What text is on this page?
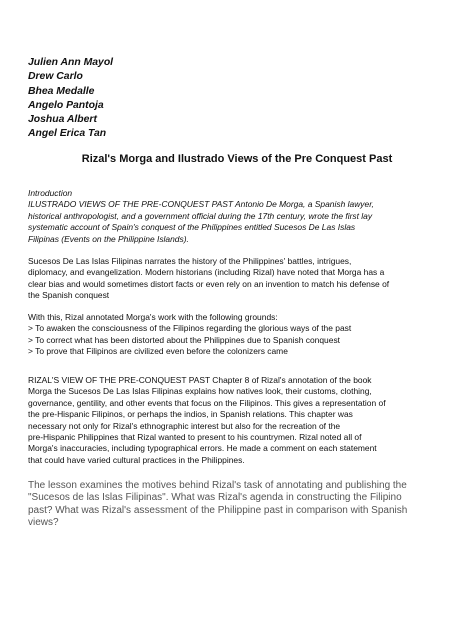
Julien Ann Mayol
Drew Carlo
Bhea Medalle
Angelo Pantoja
Joshua Albert
Angel Erica Tan
Rizal's Morga and Ilustrado Views of the Pre Conquest Past

Introduction

ILUSTRADO VIEWS OF THE PRE-CONQUEST PAST Antonio De Morga, a Spanish lawyer,

historical anthropologist, and a government official during the 17th century, wrote the first lay

systematic account of Spain's conquest of the Philippines entitled Sucesos De Las Islas

Filipinas (Events on the Philippine Islands).

Sucesos De Las Islas Filipinas narrates the history of the Philippines' battles, intrigues,

diplomacy, and evangelization. Modern historians (including Rizal) have noted that Morga has a

clear bias and would sometimes distort facts or even rely on an invention to match his defense of

the Spanish conquest

With this, Rizal annotated Morga's work with the following grounds:

> To awaken the consciousness of the Filipinos regarding the glorious ways of the past

> To correct what has been distorted about the Philippines due to Spanish conquest

> To prove that Filipinos are civilized even before the colonizers came

RIZAL'S VIEW OF THE PRE-CONQUEST PAST Chapter 8 of Rizal's annotation of the book

Morga the Sucesos De Las Islas Filipinas explains how natives look, their customs, clothing,

governance, gentility, and other events that focus on the Filipinos. This gives a representation of

the pre-Hispanic Filipinos, or perhaps the indios, in Spanish relations. This chapter was

necessary not only for Rizal's ethnographic interest but also for the recreation of the

pre-Hispanic Philippines that Rizal wanted to present to his countrymen. Rizal noted all of

Morga's inaccuracies, including typographical errors. He made a comment on each statement

that could have varied cultural practices in the Philippines.

The lesson examines the motives behind Rizal's task of annotating and publishing the

"Sucesos de las Islas Filipinas". What was Rizal's agenda in constructing the Filipino

past? What was Rizal's assessment of the Philippine past in comparison with Spanish

views?
